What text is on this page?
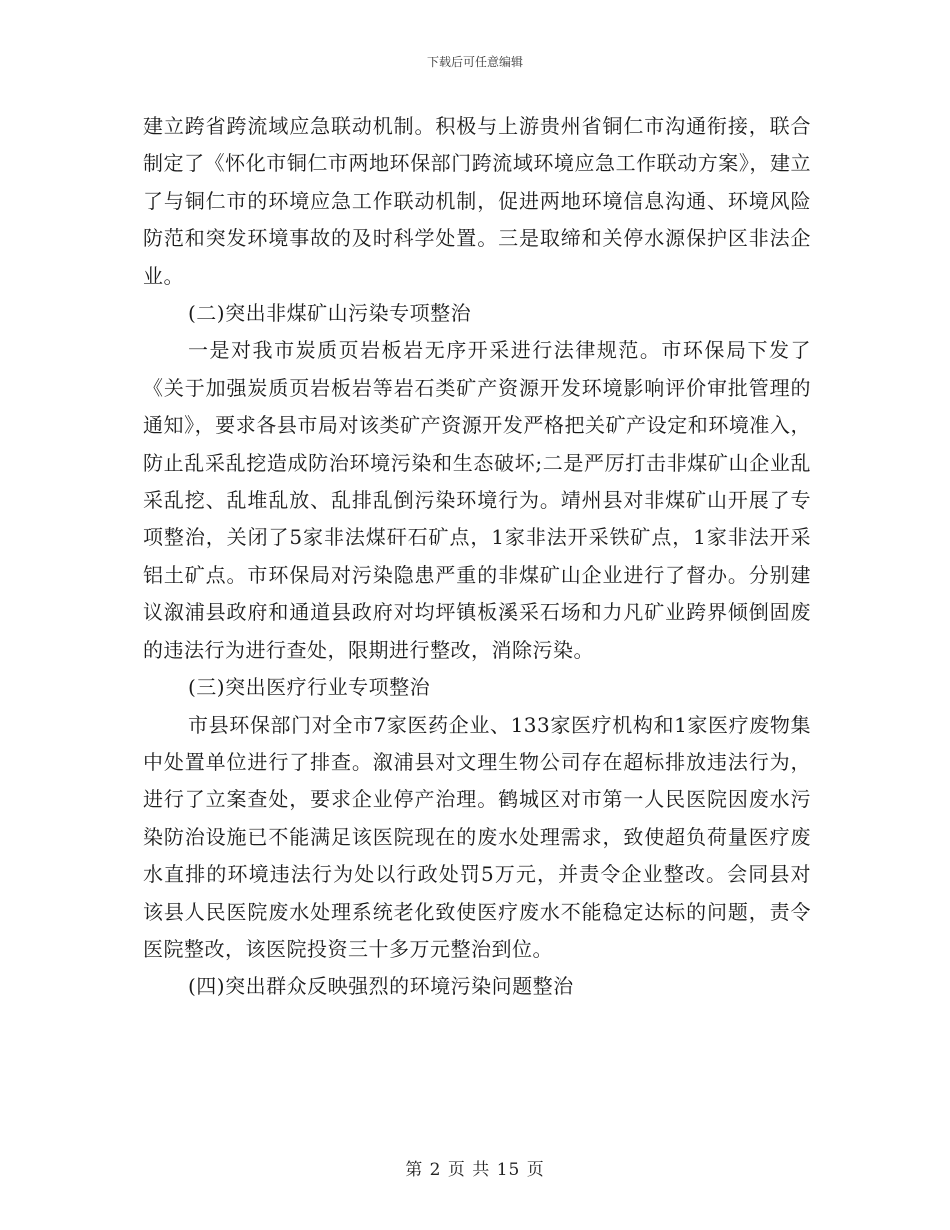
下载后可任意编辑

建立跨省跨流域应急联动机制。积极与上游贵州省铜仁市沟通衔接，联合制定了《怀化市铜仁市两地环保部门跨流域环境应急工作联动方案》，建立了与铜仁市的环境应急工作联动机制，促进两地环境信息沟通、环境风险防范和突发环境事故的及时科学处置。三是取缔和关停水源保护区非法企业。

(二)突出非煤矿山污染专项整治

一是对我市炭质页岩板岩无序开采进行法律规范。市环保局下发了《关于加强炭质页岩板岩等岩石类矿产资源开发环境影响评价审批管理的通知》，要求各县市局对该类矿产资源开发严格把关矿产设定和环境准入，防止乱采乱挖造成防治环境污染和生态破坏;二是严厉打击非煤矿山企业乱采乱挖、乱堆乱放、乱排乱倒污染环境行为。靖州县对非煤矿山开展了专项整治，关闭了5家非法煤矸石矿点，1家非法开采铁矿点，1家非法开采铝土矿点。市环保局对污染隐患严重的非煤矿山企业进行了督办。分别建议溆浦县政府和通道县政府对均坪镇板溪采石场和力凡矿业跨界倾倒固废的违法行为进行查处，限期进行整改，消除污染。

(三)突出医疗行业专项整治

市县环保部门对全市7家医药企业、133家医疗机构和1家医疗废物集中处置单位进行了排查。溆浦县对文理生物公司存在超标排放违法行为，进行了立案查处，要求企业停产治理。鹤城区对市第一人民医院因废水污染防治设施已不能满足该医院现在的废水处理需求，致使超负荷量医疗废水直排的环境违法行为处以行政处罚5万元，并责令企业整改。会同县对该县人民医院废水处理系统老化致使医疗废水不能稳定达标的问题，责令医院整改，该医院投资三十多万元整治到位。

(四)突出群众反映强烈的环境污染问题整治

第 2 页 共 15 页
